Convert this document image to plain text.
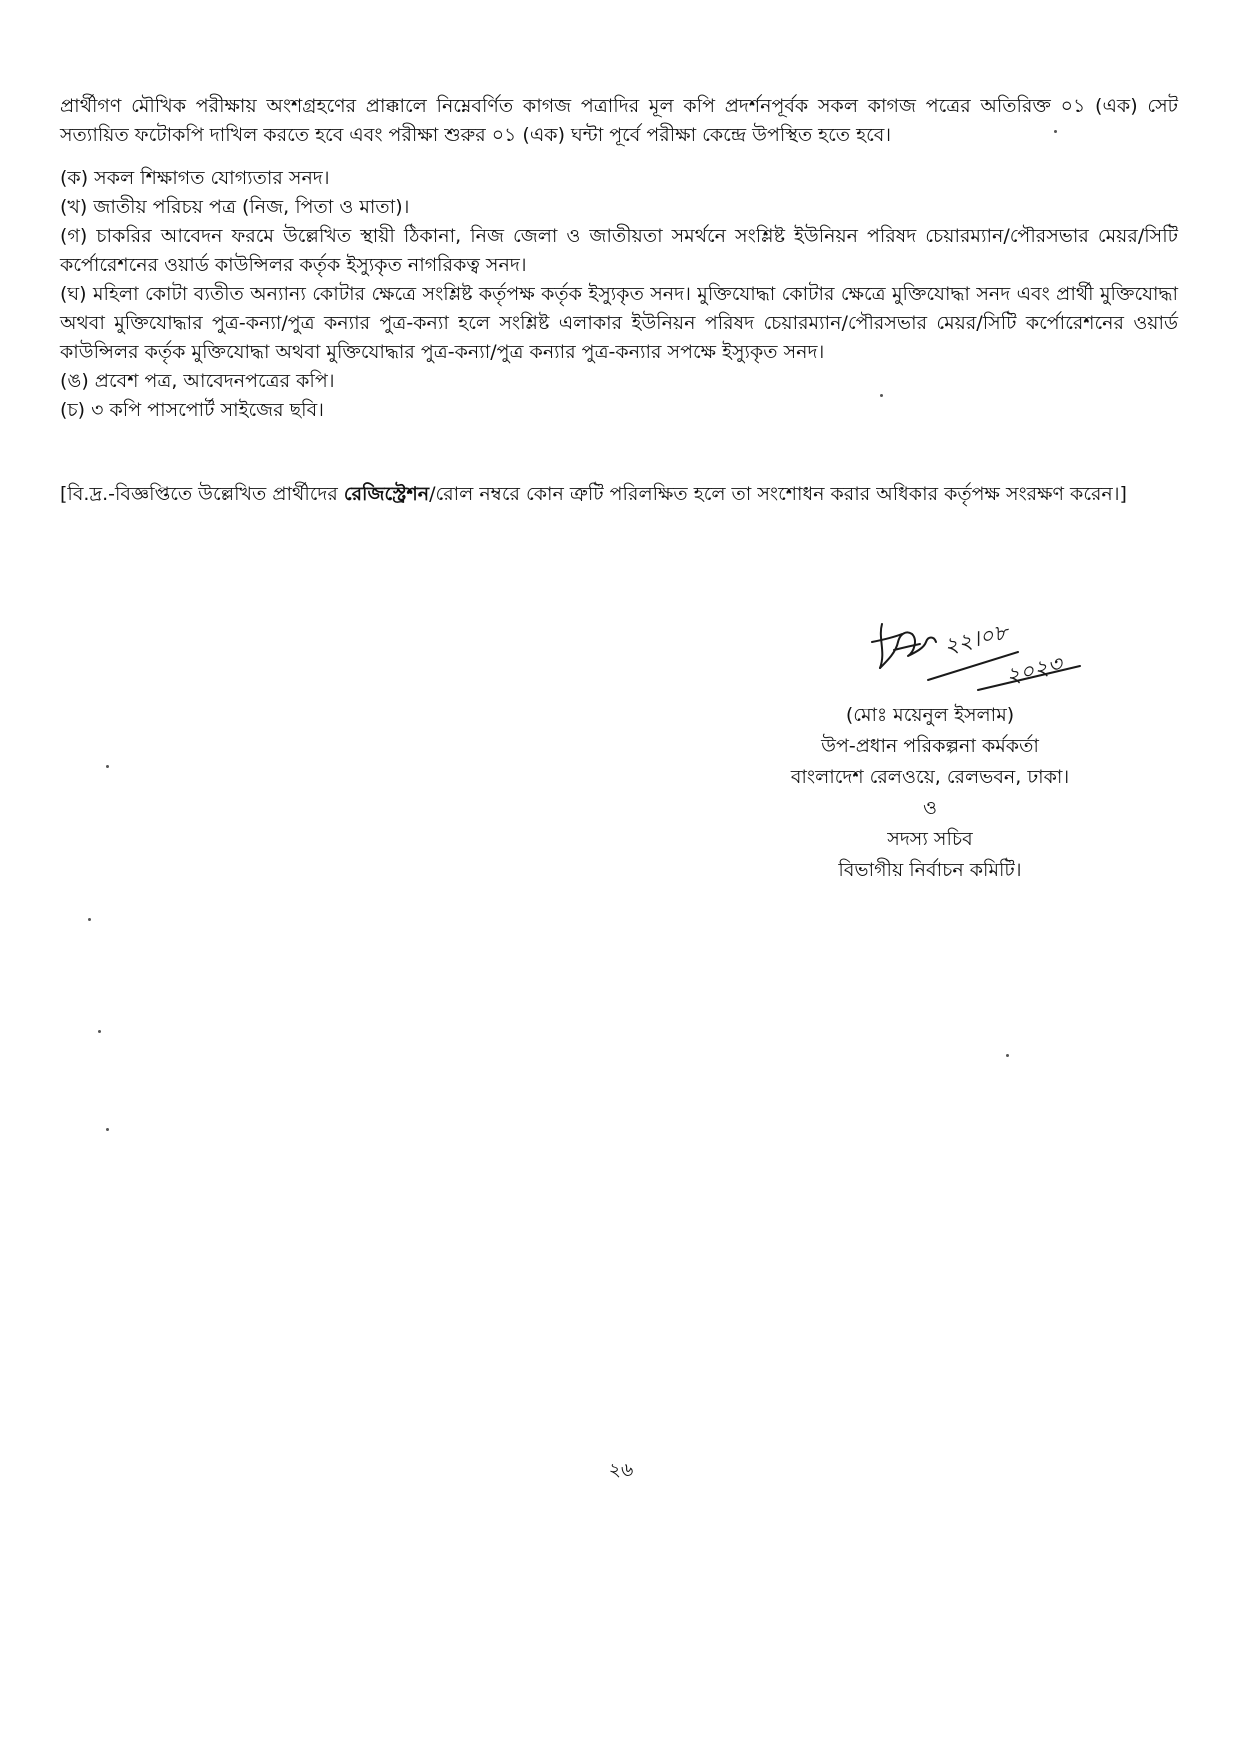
প্রার্থীগণ মৌখিক পরীক্ষায় অংশগ্রহণের প্রাক্কালে নিম্নেবর্ণিত কাগজ পত্রাদির মূল কপি প্রদর্শনপূর্বক সকল কাগজ পত্রের অতিরিক্ত ০১ (এক) সেট সত্যায়িত ফটোকপি দাখিল করতে হবে এবং পরীক্ষা শুরুর ০১ (এক) ঘন্টা পূর্বে পরীক্ষা কেন্দ্রে উপস্থিত হতে হবে।
(ক) সকল শিক্ষাগত যোগ্যতার সনদ।
(খ) জাতীয় পরিচয় পত্র (নিজ, পিতা ও মাতা)।
(গ) চাকরির আবেদন ফরমে উল্লেখিত স্থায়ী ঠিকানা, নিজ জেলা ও জাতীয়তা সমর্থনে সংশ্লিষ্ট ইউনিয়ন পরিষদ চেয়ারম্যান/পৌরসভার মেয়র/সিটি কর্পোরেশনের ওয়ার্ড কাউন্সিলর কর্তৃক ইস্যুকৃত নাগরিকত্ব সনদ।
(ঘ) মহিলা কোটা ব্যতীত অন্যান্য কোটার ক্ষেত্রে সংশ্লিষ্ট কর্তৃপক্ষ কর্তৃক ইস্যুকৃত সনদ। মুক্তিযোদ্ধা কোটার ক্ষেত্রে মুক্তিযোদ্ধা সনদ এবং প্রার্থী মুক্তিযোদ্ধা অথবা মুক্তিযোদ্ধার পুত্র-কন্যা/পুত্র কন্যার পুত্র-কন্যা হলে সংশ্লিষ্ট এলাকার ইউনিয়ন পরিষদ চেয়ারম্যান/পৌরসভার মেয়র/সিটি কর্পোরেশনের ওয়ার্ড কাউন্সিলর কর্তৃক মুক্তিযোদ্ধা অথবা মুক্তিযোদ্ধার পুত্র-কন্যা/পুত্র কন্যার পুত্র-কন্যার সপক্ষে ইস্যুকৃত সনদ।
(ঙ) প্রবেশ পত্র, আবেদনপত্রের কপি।
(চ) ৩ কপি পাসপোর্ট সাইজের ছবি।
[বি.দ্র.-বিজ্ঞপ্তিতে উল্লেখিত প্রার্থীদের রেজিস্ট্রেশন/রোল নম্বরে কোন ত্রুটি পরিলক্ষিত হলে তা সংশোধন করার অধিকার কর্তৃপক্ষ সংরক্ষণ করেন।]
২২।০৮
২০২৩
(মোঃ ময়েনুল ইসলাম)
উপ-প্রধান পরিকল্পনা কর্মকর্তা
বাংলাদেশ রেলওয়ে, রেলভবন, ঢাকা।
ও
সদস্য সচিব
বিভাগীয় নির্বাচন কমিটি।
২৬
